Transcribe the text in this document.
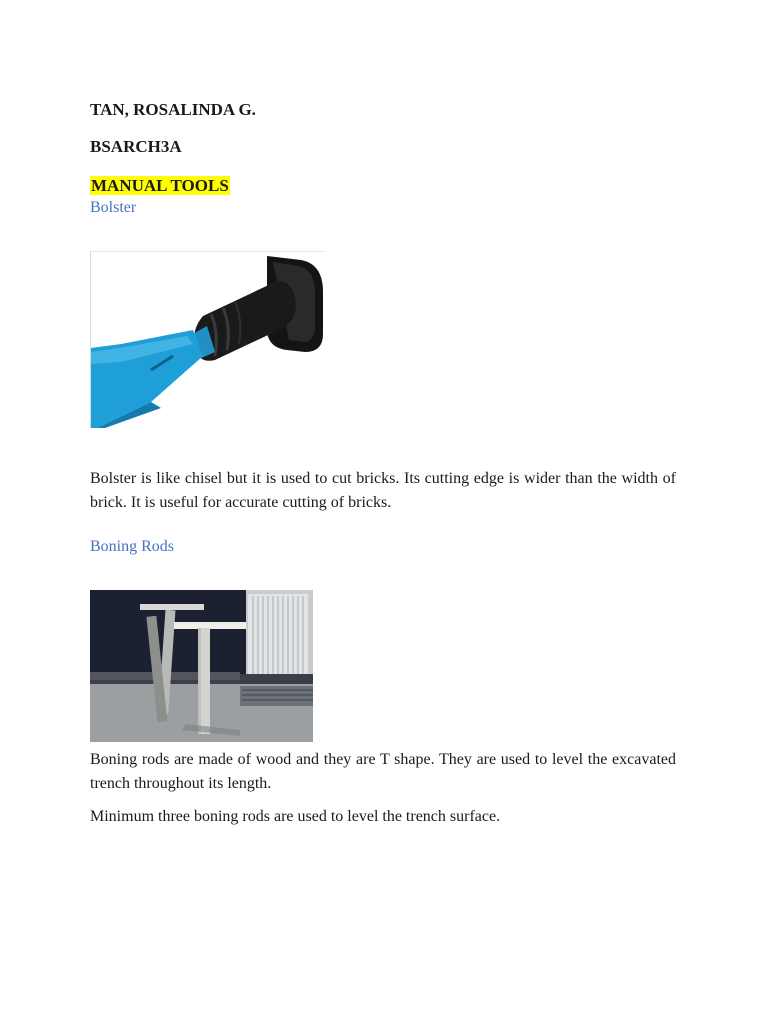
TAN, ROSALINDA G.

BSARCH3A

MANUAL TOOLS

Bolster

Bolster is like chisel but it is used to cut bricks. Its cutting edge is wider than the width of brick. It is useful for accurate cutting of bricks.

Boning Rods

Boning rods are made of wood and they are T shape. They are used to level the excavated trench throughout its length.

Minimum three boning rods are used to level the trench surface.
